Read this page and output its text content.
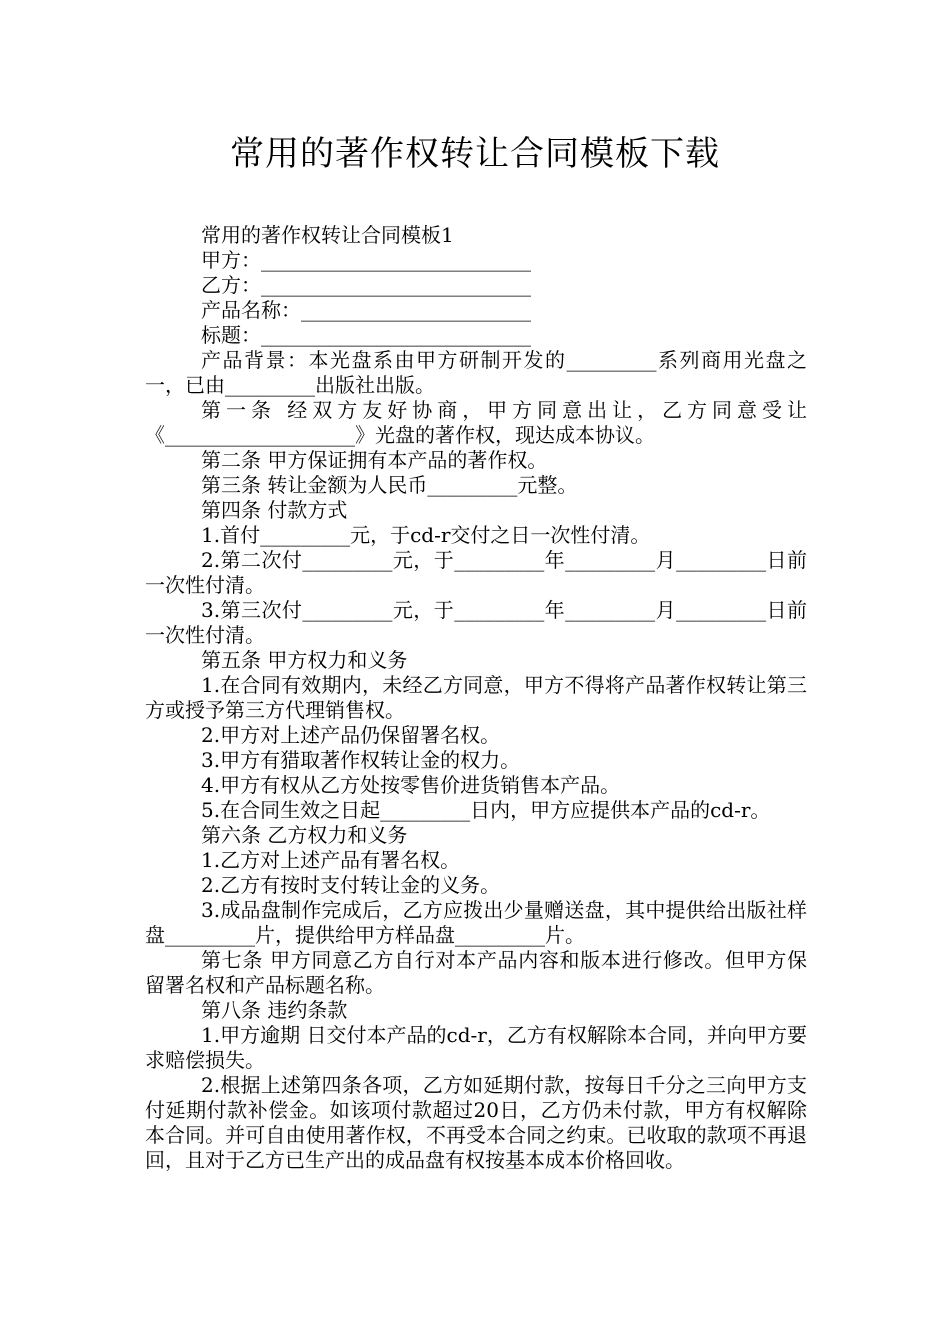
常用的著作权转让合同模板下载

常用的著作权转让合同模板1

甲方：___________________________

乙方：___________________________

产品名称：_______________________

标题：___________________________

产品背景：本光盘系由甲方研制开发的_________系列商用光盘之一，已由_________出版社出版。

第一条 经双方友好协商，甲方同意出让，乙方同意受让《___________________》光盘的著作权，现达成本协议。

第二条 甲方保证拥有本产品的著作权。

第三条 转让金额为人民币_________元整。

第四条 付款方式

1.首付_________元，于cd-r交付之日一次性付清。

2.第二次付_________元，于_________年_________月_________日前一次性付清。

3.第三次付_________元，于_________年_________月_________日前一次性付清。

第五条 甲方权力和义务

1.在合同有效期内，未经乙方同意，甲方不得将产品著作权转让第三方或授予第三方代理销售权。

2.甲方对上述产品仍保留署名权。

3.甲方有猎取著作权转让金的权力。

4.甲方有权从乙方处按零售价进货销售本产品。

5.在合同生效之日起_________日内，甲方应提供本产品的cd-r。

第六条 乙方权力和义务

1.乙方对上述产品有署名权。

2.乙方有按时支付转让金的义务。

3.成品盘制作完成后，乙方应拨出少量赠送盘，其中提供给出版社样盘_________片，提供给甲方样品盘_________片。

第七条 甲方同意乙方自行对本产品内容和版本进行修改。但甲方保留署名权和产品标题名称。

第八条 违约条款

1.甲方逾期 日交付本产品的cd-r，乙方有权解除本合同，并向甲方要求赔偿损失。

2.根据上述第四条各项，乙方如延期付款，按每日千分之三向甲方支付延期付款补偿金。如该项付款超过20日，乙方仍未付款，甲方有权解除本合同。并可自由使用著作权，不再受本合同之约束。已收取的款项不再退回，且对于乙方已生产出的成品盘有权按基本成本价格回收。
